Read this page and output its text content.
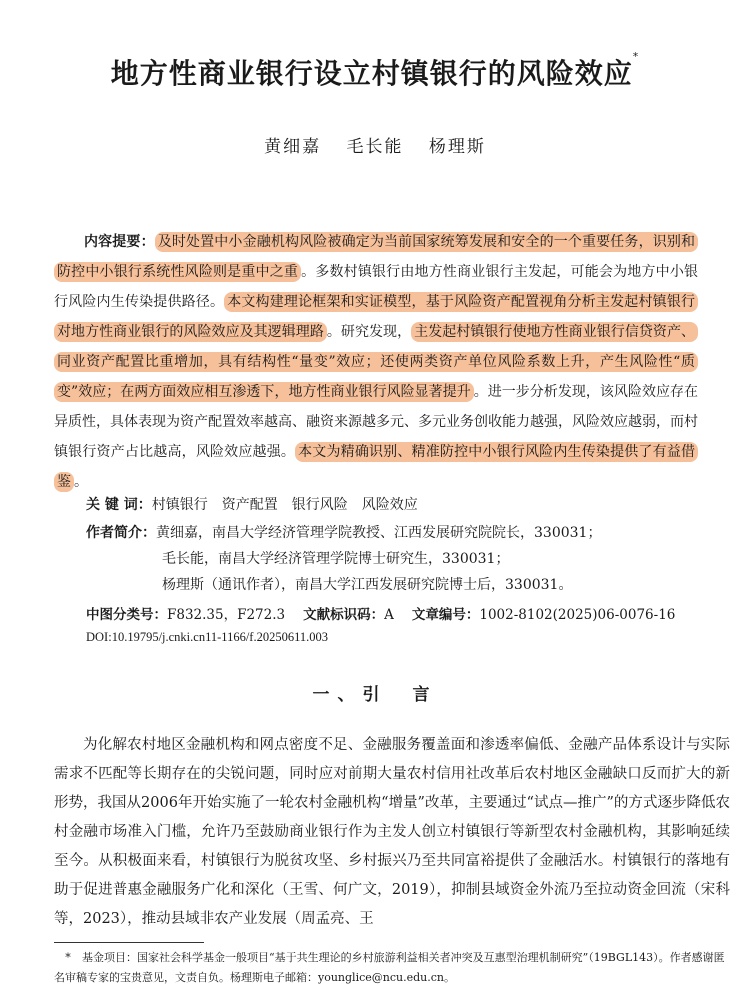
地方性商业银行设立村镇银行的风险效应*
黄细嘉 毛长能 杨理斯
内容提要： 及时处置中小金融机构风险被确定为当前国家统筹发展和安全的一个重要任务，识别和防控中小银行系统性风险则是重中之重 。多数村镇银行由地方性商业银行主发起，可能会为地方中小银行风险内生传染提供路径。 本文构建理论框架和实证模型，基于风险资产配置视角分析主发起村镇银行对地方性商业银行的风险效应及其逻辑理路 。研究发现， 主发起村镇银行使地方性商业银行信贷资产、同业资产配置比重增加，具有结构性“量变”效应；还使两类资产单位风险系数上升，产生风险性“质变”效应；在两方面效应相互渗透下，地方性商业银行风险显著提升 。进一步分析发现，该风险效应存在异质性，具体表现为资产配置效率越高、融资来源越多元、多元业务创收能力越强，风险效应越弱，而村镇银行资产占比越高，风险效应越强。 本文为精确识别、精准防控中小银行风险内生传染提供了有益借鉴 。
关 键 词：村镇银行　资产配置　银行风险　风险效应
作者简介：黄细嘉，南昌大学经济管理学院教授、江西发展研究院院长，330031；
毛长能，南昌大学经济管理学院博士研究生，330031；
杨理斯（通讯作者），南昌大学江西发展研究院博士后，330031。
中图分类号：F832.35，F272.3 文献标识码：A 文章编号：1002-8102(2025)06-0076-16
DOI:10.19795/j.cnki.cn11-1166/f.20250611.003
一、引　言

为化解农村地区金融机构和网点密度不足、金融服务覆盖面和渗透率偏低、金融产品体系设计与实际需求不匹配等长期存在的尖锐问题，同时应对前期大量农村信用社改革后农村地区金融缺口反而扩大的新形势，我国从2006年开始实施了一轮农村金融机构“增量”改革，主要通过“试点—推广”的方式逐步降低农村金融市场准入门槛，允许乃至鼓励商业银行作为主发人创立村镇银行等新型农村金融机构，其影响延续至今。从积极面来看，村镇银行为脱贫攻坚、乡村振兴乃至共同富裕提供了金融活水。村镇银行的落地有助于促进普惠金融服务广化和深化（王雪、何广文，2019），抑制县域资金外流乃至拉动资金回流（宋科等，2023），推动县域非农产业发展（周孟亮、王

* 基金项目：国家社会科学基金一般项目“基于共生理论的乡村旅游利益相关者冲突及互惠型治理机制研究”（19BGL143）。作者感谢匿名审稿专家的宝贵意见，文责自负。杨理斯电子邮箱：younglice@ncu.edu.cn。
